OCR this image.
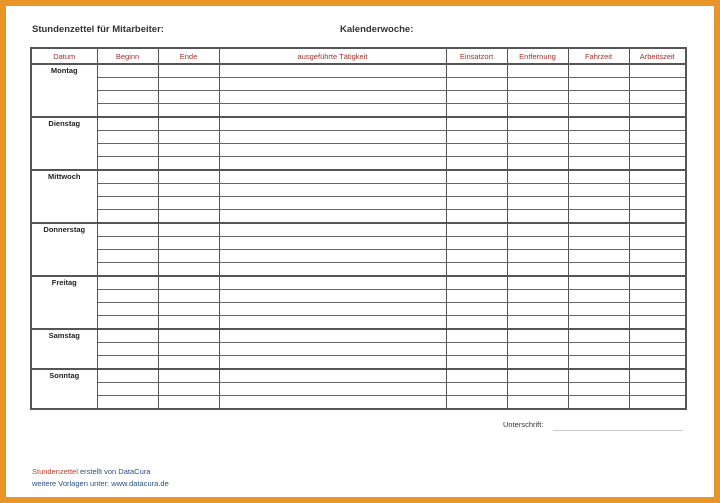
Stundenzettel für Mitarbeiter:	Kalenderwoche:
Datum	Beginn	Ende	ausgeführte Tätigkeit	Einsatzort	Entfernung	Fahrzeit	Arbeitszeit
Montag							

Dienstag							

Mittwoch							

Donnerstag							

Freitag							

Samstag							

Sonntag							

Unterschrift:
Stundenzettel erstellt von DataCura
weitere Vorlagen unter: www.datacura.de
